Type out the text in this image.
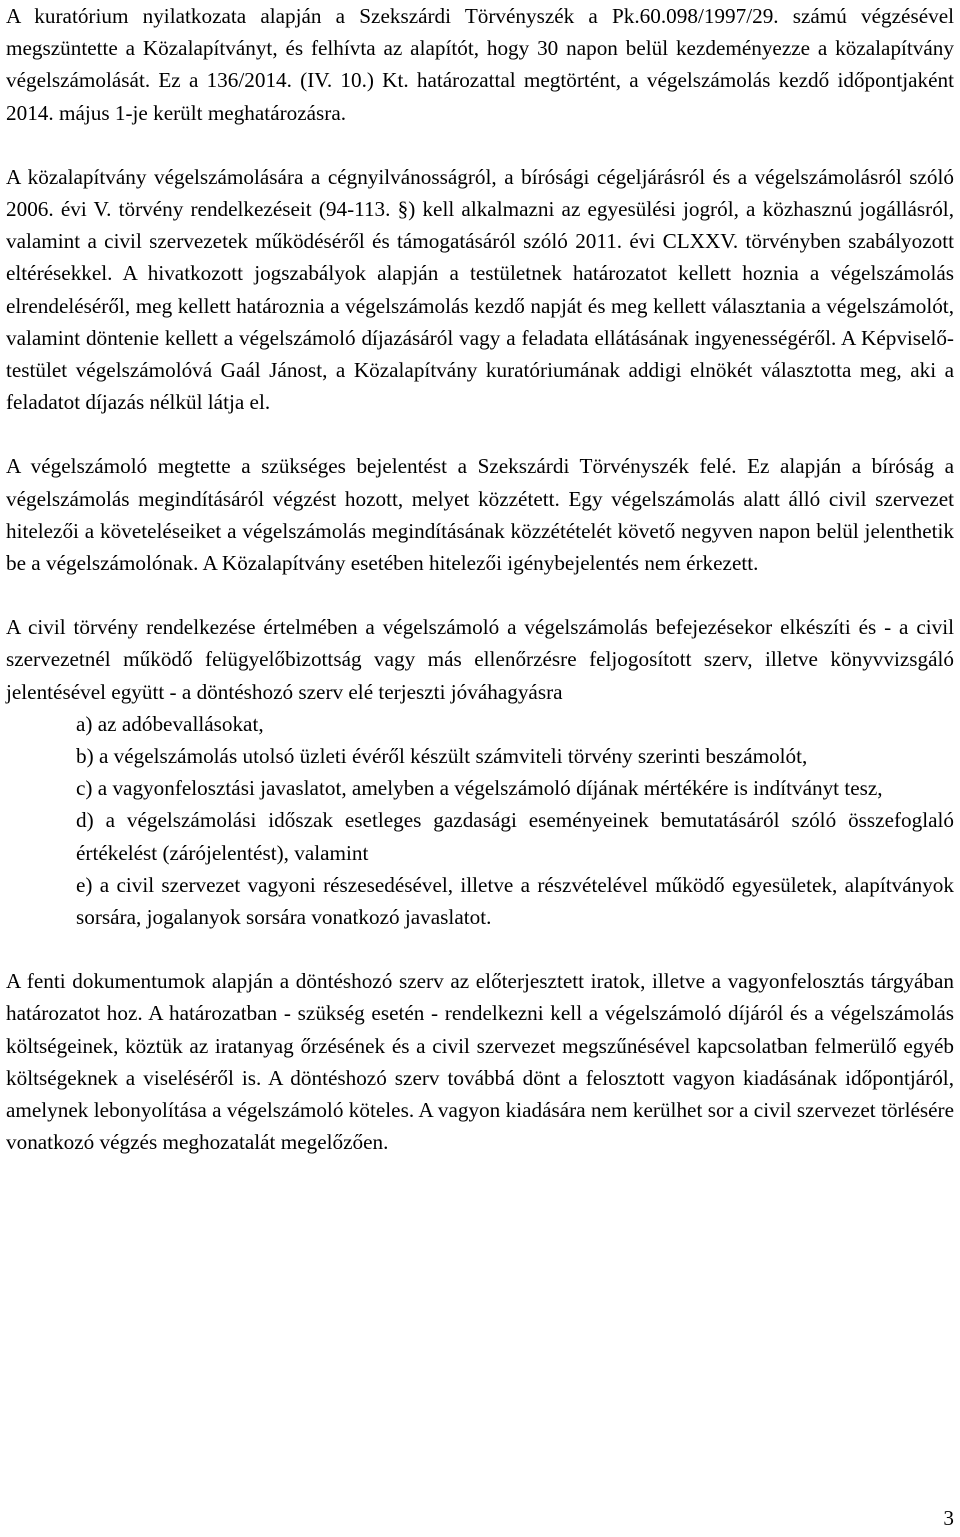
A kuratórium nyilatkozata alapján a Szekszárdi Törvényszék a Pk.60.098/1997/29. számú végzésével megszüntette a Közalapítványt, és felhívta az alapítót, hogy 30 napon belül kezdeményezze a közalapítvány végelszámolását. Ez a 136/2014. (IV. 10.) Kt. határozattal megtörtént, a végelszámolás kezdő időpontjaként 2014. május 1-je került meghatározásra.

A közalapítvány végelszámolására a cégnyilvánosságról, a bírósági cégeljárásról és a végelszámolásról szóló 2006. évi V. törvény rendelkezéseit (94-113. §) kell alkalmazni az egyesülési jogról, a közhasznú jogállásról, valamint a civil szervezetek működéséről és támogatásáról szóló 2011. évi CLXXV. törvényben szabályozott eltérésekkel. A hivatkozott jogszabályok alapján a testületnek határozatot kellett hoznia a végelszámolás elrendeléséről, meg kellett határoznia a végelszámolás kezdő napját és meg kellett választania a végelszámolót, valamint döntenie kellett a végelszámoló díjazásáról vagy a feladata ellátásának ingyenességéről. A Képviselő-testület végelszámolóvá Gaál Jánost, a Közalapítvány kuratóriumának addigi elnökét választotta meg, aki a feladatot díjazás nélkül látja el.

A végelszámoló megtette a szükséges bejelentést a Szekszárdi Törvényszék felé. Ez alapján a bíróság a végelszámolás megindításáról végzést hozott, melyet közzétett. Egy végelszámolás alatt álló civil szervezet hitelezői a követeléseiket a végelszámolás megindításának közzétételét követő negyven napon belül jelenthetik be a végelszámolónak. A Közalapítvány esetében hitelezői igénybejelentés nem érkezett.

A civil törvény rendelkezése értelmében a végelszámoló a végelszámolás befejezésekor elkészíti és - a civil szervezetnél működő felügyelőbizottság vagy más ellenőrzésre feljogosított szerv, illetve könyvvizsgáló jelentésével együtt - a döntéshozó szerv elé terjeszti jóváhagyásra

a) az adóbevallásokat,
b) a végelszámolás utolsó üzleti évéről készült számviteli törvény szerinti beszámolót,
c) a vagyonfelosztási javaslatot, amelyben a végelszámoló díjának mértékére is indítványt tesz,
d) a végelszámolási időszak esetleges gazdasági eseményeinek bemutatásáról szóló összefoglaló értékelést (zárójelentést), valamint
e) a civil szervezet vagyoni részesedésével, illetve a részvételével működő egyesületek, alapítványok sorsára, jogalanyok sorsára vonatkozó javaslatot.

A fenti dokumentumok alapján a döntéshozó szerv az előterjesztett iratok, illetve a vagyonfelosztás tárgyában határozatot hoz. A határozatban - szükség esetén - rendelkezni kell a végelszámoló díjáról és a végelszámolás költségeinek, köztük az iratanyag őrzésének és a civil szervezet megszűnésével kapcsolatban felmerülő egyéb költségeknek a viseléséről is. A döntéshozó szerv továbbá dönt a felosztott vagyon kiadásának időpontjáról, amelynek lebonyolítása a végelszámoló köteles. A vagyon kiadására nem kerülhet sor a civil szervezet törlésére vonatkozó végzés meghozatalát megelőzően.

3
